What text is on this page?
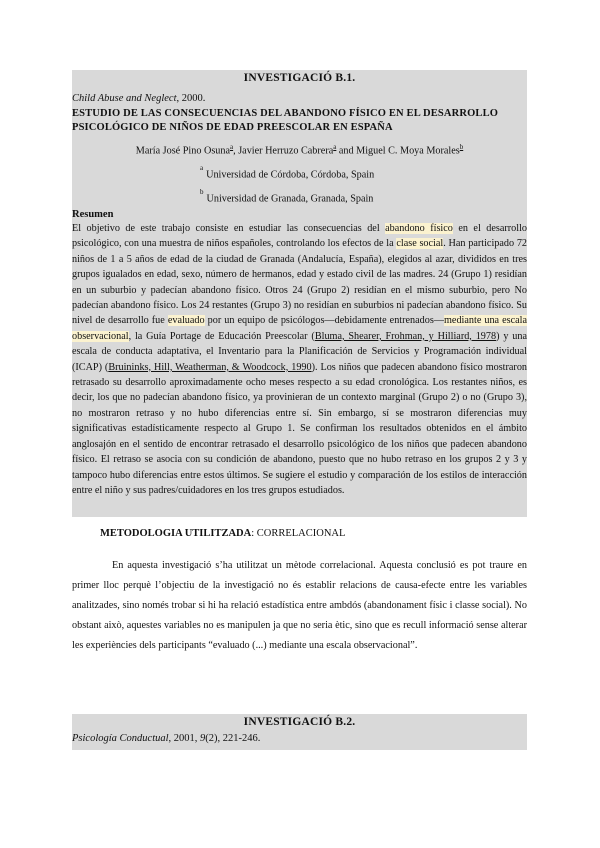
INVESTIGACIÓ B.1.
Child Abuse and Neglect, 2000.
ESTUDIO DE LAS CONSECUENCIAS DEL ABANDONO FÍSICO EN EL DESARROLLO PSICOLÓGICO DE NIÑOS DE EDAD PREESCOLAR EN ESPAÑA
María José Pino Osuna$^a$, Javier Herruzo Cabrera$^a$ and Miguel C. Moya Morales$^b$
$^a$Universidad de Córdoba, Córdoba, Spain
$^b$Universidad de Granada, Granada, Spain
Resumen
El objetivo de este trabajo consiste en estudiar las consecuencias del abandono físico en el desarrollo psicológico, con una muestra de niños españoles, controlando los efectos de la clase social. Han participado 72 niños de 1 a 5 años de edad de la ciudad de Granada (Andalucía, España), elegidos al azar, divididos en tres grupos igualados en edad, sexo, número de hermanos, edad y estado civil de las madres. 24 (Grupo 1) residían en un suburbio y padecían abandono físico. Otros 24 (Grupo 2) residían en el mismo suburbio, pero No padecían abandono físico. Los 24 restantes (Grupo 3) no residían en suburbios ni padecían abandono físico. Su nivel de desarrollo fue evaluado por un equipo de psicólogos—debidamente entrenados—mediante una escala observacional, la Guía Portage de Educación Preescolar (Bluma, Shearer, Frohman, y Hilliard, 1978) y una escala de conducta adaptativa, el Inventario para la Planificación de Servicios y Programación individual (ICAP) (Bruininks, Hill, Weatherman, & Woodcock, 1990). Los niños que padecen abandono físico mostraron retrasado su desarrollo aproximadamente ocho meses respecto a su edad cronológica. Los restantes niños, es decir, los que no padecían abandono físico, ya provinieran de un contexto marginal (Grupo 2) o no (Grupo 3), no mostraron retraso y no hubo diferencias entre sí. Sin embargo, sí se mostraron diferencias muy significativas estadísticamente respecto al Grupo 1. Se confirman los resultados obtenidos en el ámbito anglosajón en el sentido de encontrar retrasado el desarrollo psicológico de los niños que padecen abandono físico. El retraso se asocia con su condición de abandono, puesto que no hubo retraso en los grupos 2 y 3 y tampoco hubo diferencias entre estos últimos. Se sugiere el estudio y comparación de los estilos de interacción entre el niño y sus padres/cuidadores en los tres grupos estudiados.
METODOLOGIA UTILITZADA: CORRELACIONAL
En aquesta investigació s’ha utilitzat un mètode correlacional. Aquesta conclusió es pot traure en primer lloc perquè l’objectiu de la investigació no és establir relacions de causa-efecte entre les variables analitzades, sino només trobar si hi ha relació estadística entre ambdós (abandonament físic i classe social). No obstant això, aquestes variables no es manipulen ja que no seria ètic, sino que es recull informació sense alterar les experiències dels participants “evaluado (...) mediante una escala observacional”.
INVESTIGACIÓ B.2.
Psicología Conductual, 2001, 9(2), 221-246.
